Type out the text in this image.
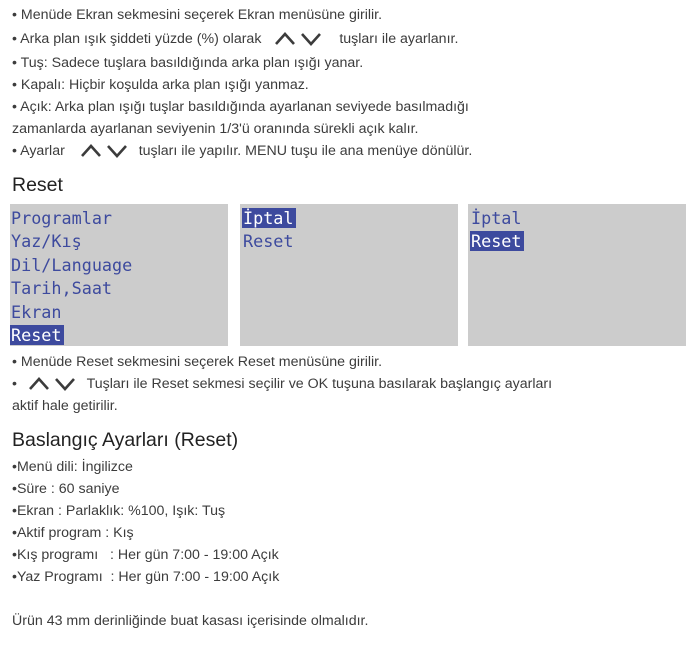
• Menüde Ekran sekmesini seçerek Ekran menüsüne girilir.
• Arka plan ışık şiddeti yüzde (%) olarak	tuşları ile ayarlanır.
• Tuş: Sadece tuşlara basıldığında arka plan ışığı yanar.
• Kapalı: Hiçbir koşulda arka plan ışığı yanmaz.
• Açık: Arka plan ışığı tuşlar basıldığında ayarlanan seviyede basılmadığı
zamanlarda ayarlanan seviyenin 1/3'ü oranında sürekli açık kalır.
• Ayarlar	tuşları ile yapılır. MENU tuşu ile ana menüye dönülür.
Reset
Programlar
Yaz/Kış
Dil/Language
Tarih,Saat
Ekran
Reset
İptal
Reset
İptal
Reset
• Menüde Reset sekmesini seçerek Reset menüsüne girilir.
•	Tuşları ile Reset sekmesi seçilir ve OK tuşuna basılarak başlangıç ayarları
aktif hale getirilir.
Baslangıç Ayarları (Reset)
•Menü dili: İngilizce
•Süre : 60 saniye
•Ekran : Parlaklık: %100, Işık: Tuş
•Aktif program : Kış
•Kış programı   : Her gün 7:00 - 19:00 Açık
•Yaz Programı  : Her gün 7:00 - 19:00 Açık
Ürün 43 mm derinliğinde buat kasası içerisinde olmalıdır.
